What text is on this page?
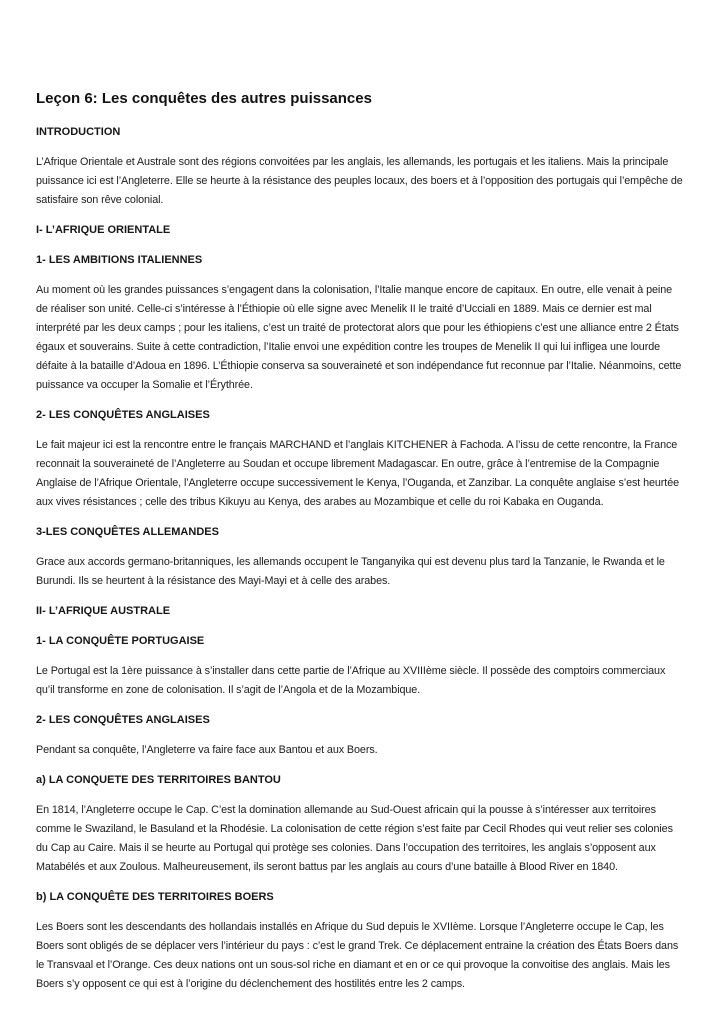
Leçon 6: Les conquêtes des autres puissances
INTRODUCTION

L’Afrique Orientale et Australe sont des régions convoitées par les anglais, les allemands, les portugais et les italiens. Mais la principale puissance ici est l’Angleterre. Elle se heurte à la résistance des peuples locaux, des boers et à l’opposition des portugais qui l’empêche de satisfaire son rêve colonial.

I- L’AFRIQUE ORIENTALE
1- LES AMBITIONS ITALIENNES

Au moment où les grandes puissances s’engagent dans la colonisation, l’Italie manque encore de capitaux. En outre, elle venait à peine de réaliser son unité. Celle-ci s’intéresse à l’Éthiopie où elle signe avec Menelik II le traité d’Ucciali en 1889. Mais ce dernier est mal interprété par les deux camps ; pour les italiens, c’est un traité de protectorat alors que pour les éthiopiens c’est une alliance entre 2 États égaux et souverains. Suite à cette contradiction, l’Italie envoi une expédition contre les troupes de Menelik II qui lui infligea une lourde défaite à la bataille d’Adoua en 1896. L’Éthiopie conserva sa souveraineté et son indépendance fut reconnue par l’Italie. Néanmoins, cette puissance va occuper la Somalie et l’Érythrée.

2- LES CONQUÊTES ANGLAISES

Le fait majeur ici est la rencontre entre le français MARCHAND et l’anglais KITCHENER à Fachoda. A l’issu de cette rencontre, la France reconnait la souveraineté de l’Angleterre au Soudan et occupe librement Madagascar. En outre, grâce à l’entremise de la Compagnie Anglaise de l’Afrique Orientale, l’Angleterre occupe successivement le Kenya, l’Ouganda, et Zanzibar. La conquête anglaise s’est heurtée aux vives résistances ; celle des tribus Kikuyu au Kenya, des arabes au Mozambique et celle du roi Kabaka en Ouganda.

3-LES CONQUÊTES ALLEMANDES

Grace aux accords germano-britanniques, les allemands occupent le Tanganyika qui est devenu plus tard la Tanzanie, le Rwanda et le Burundi. Ils se heurtent à la résistance des Mayi-Mayi et à celle des arabes.

II- L’AFRIQUE AUSTRALE
1- LA CONQUÊTE PORTUGAISE

Le Portugal est la 1ère puissance à s’installer dans cette partie de l’Afrique au XVIIIème siècle. Il possède des comptoirs commerciaux qu’il transforme en zone de colonisation. Il s’agit de l’Angola et de la Mozambique.

2- LES CONQUÊTES ANGLAISES

Pendant sa conquête, l’Angleterre va faire face aux Bantou et aux Boers.

a) LA CONQUETE DES TERRITOIRES BANTOU

En 1814, l’Angleterre occupe le Cap. C’est la domination allemande au Sud-Ouest africain qui la pousse à s’intéresser aux territoires comme le Swaziland, le Basuland et la Rhodésie. La colonisation de cette région s’est faite par Cecil Rhodes qui veut relier ses colonies du Cap au Caire. Mais il se heurte au Portugal qui protège ses colonies. Dans l’occupation des territoires, les anglais s’opposent aux Matabélés et aux Zoulous. Malheureusement, ils seront battus par les anglais au cours d’une bataille à Blood River en 1840.

b) LA CONQUÊTE DES TERRITOIRES BOERS

Les Boers sont les descendants des hollandais installés en Afrique du Sud depuis le XVIIème. Lorsque l’Angleterre occupe le Cap, les Boers sont obligés de se déplacer vers l’intérieur du pays : c’est le grand Trek. Ce déplacement entraine la création des États Boers dans le Transvaal et l’Orange. Ces deux nations ont un sous-sol riche en diamant et en or ce qui provoque la convoitise des anglais. Mais les Boers s’y opposent ce qui est à l’origine du déclenchement des hostilités entre les 2 camps.
